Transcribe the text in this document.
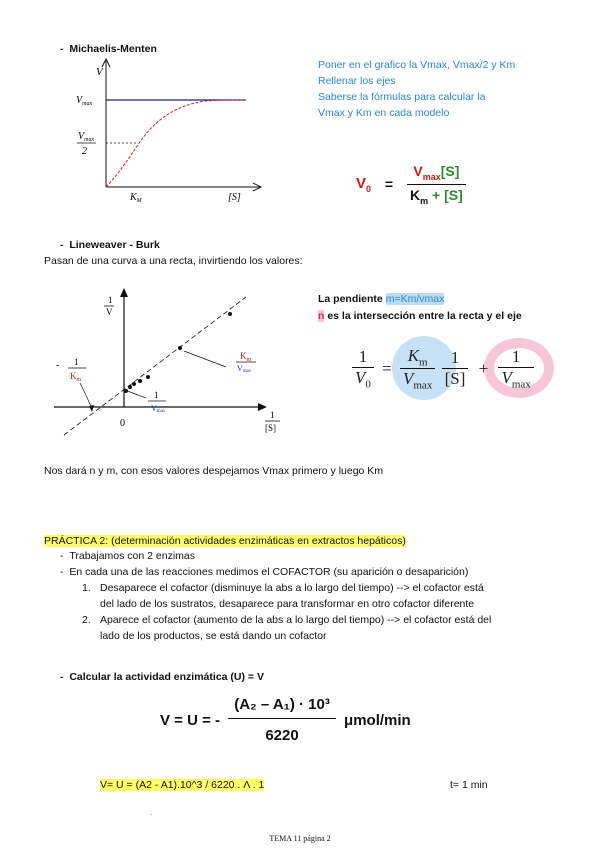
- Michaelis-Menten
V
$V_{max}$
$V_{max}$
2
$K_M$	[S]
Poner en el grafico la Vmax, Vmax/2 y Km
Rellenar los ejes
Saberse la fórmulas para calcular la
Vmax y Km en cada modelo
$V_0 = \frac{V_{max}[S]}{K_m + [S]}$
- Lineweaver - Burk
Pasan de una curva a una recta, invirtiendo los valores:
1
V
- 1
$K_m$
$K_m$
Vmax
1
Vmax
0
1
[S]
La pendiente m=Km/vmax
n es la intersección entre la recta y el eje
$\frac{1}{V_0} = \frac{K_m}{V_{max}}$
$\frac{1}{[S]} + \frac{1}{V_{max}}$
Nos dará n y m, con esos valores despejamos Vmax primero y luego Km
PRÁCTICA 2: (determinación actividades enzimáticas en extractos hepáticos)
-  Trabajamos con 2 enzimas
-  En cada una de las reacciones medimos el COFACTOR (su aparición o desaparición)
1. Desaparece el cofactor (disminuye la abs a lo largo del tiempo) --> el cofactor está
del lado de los sustratos, desaparece para transformar en otro cofactor diferente
2. Aparece el cofactor (aumento de la abs a lo largo del tiempo) --> el cofactor está del
lado de los productos, se está dando un cofactor
-  Calcular la actividad enzimática (U) = V
V = U = - $\frac{\text{(A₂ – A₁) · 10³}}{6220} \mu mol/\min$
V= U = (A2 - A1).10^3 / 6220 . Λ . 1	t= 1 min
.
TEMA 11 página 2
